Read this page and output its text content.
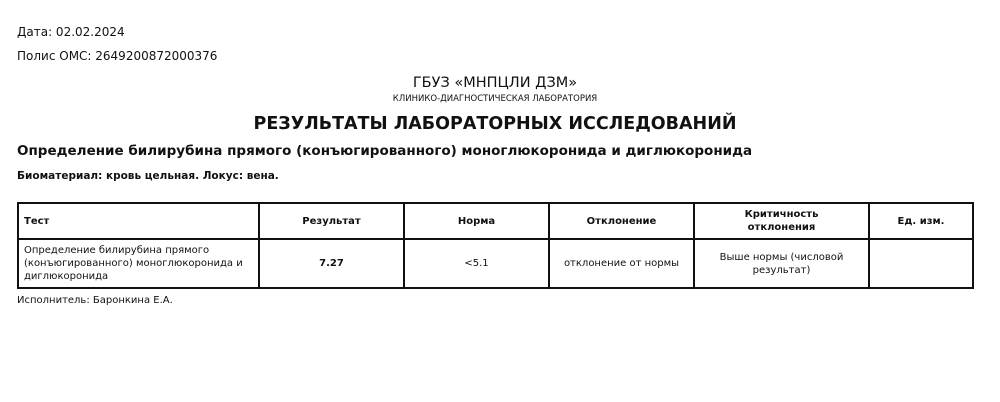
Дата: 02.02.2024
Полис ОМС: 2649200872000376
ГБУЗ «МНПЦЛИ ДЗМ»
КЛИНИКО-ДИАГНОСТИЧЕСКАЯ ЛАБОРАТОРИЯ
РЕЗУЛЬТАТЫ ЛАБОРАТОРНЫХ ИССЛЕДОВАНИЙ
Определение билирубина прямого (конъюгированного) моноглюкоронида и диглюкоронида
Биоматериал: кровь цельная. Локус: вена.
Тест	Результат	Норма	Отклонение	Критичность отклонения	Ед. изм.
Определение билирубина прямого (конъюгированного) моноглюкоронида и диглюкоронида	7.27	<5.1	отклонение от нормы	Выше нормы (числовой результат)	
Исполнитель: Баронкина Е.А.
